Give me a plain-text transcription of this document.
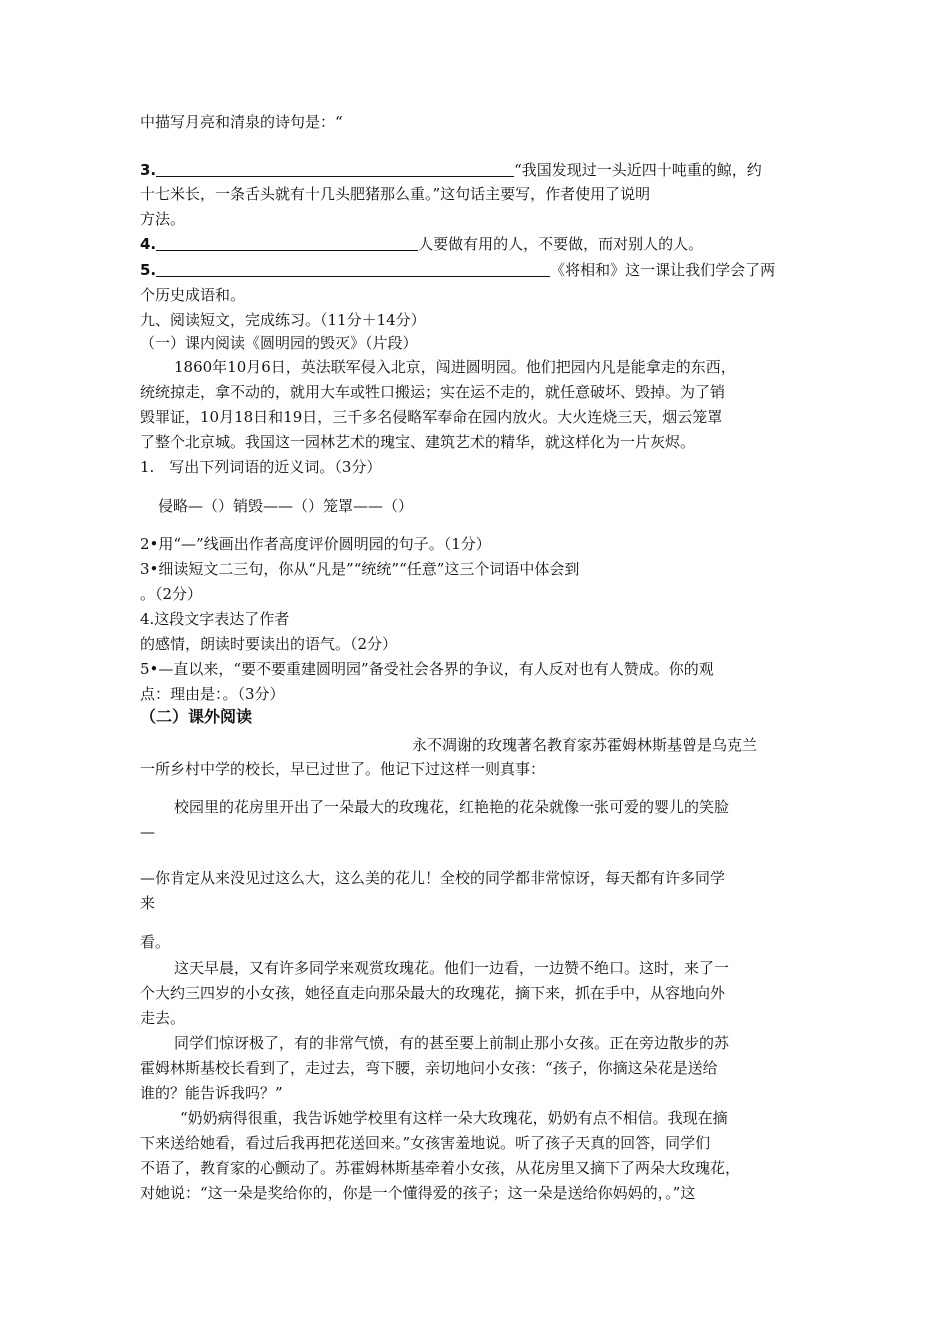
中描写月亮和清泉的诗句是：“
3.	“我国发现过一头近四十吨重的鲸，约
十七米长，一条舌头就有十几头肥猪那么重。”这句话主要写，作者使用了说明
方法。
4.	人要做有用的人，不要做，而对别人的人。
5.	《将相和》这一课让我们学会了两
个历史成语和。
九、阅读短文，完成练习。（11分＋14分）
（一）课内阅读《圆明园的毁灭》（片段）
1860年10月6日，英法联军侵入北京，闯进圆明园。他们把园内凡是能拿走的东西，
统统掠走，拿不动的，就用大车或牲口搬运；实在运不走的，就任意破坏、毁掉。为了销
毁罪证，10月18日和19日，三千多名侵略军奉命在园内放火。大火连烧三天，烟云笼罩
了整个北京城。我国这一园林艺术的瑰宝、建筑艺术的精华，就这样化为一片灰烬。
1.　写出下列词语的近义词。（3分）
侵略—（）销毁——（）笼罩——（）
2•用“—”线画出作者高度评价圆明园的句子。（1分）
3•细读短文二三句，你从“凡是”“统统”“任意”这三个词语中体会到
。（2分）
4.这段文字表达了作者
的感情，朗读时要读出的语气。（2分）
5•—直以来，“要不要重建圆明园”备受社会各界的争议，有人反对也有人赞成。你的观
点：理由是：。（3分）
（二）课外阅读
永不凋谢的玫瑰著名教育家苏霍姆林斯基曾是乌克兰
一所乡村中学的校长，早已过世了。他记下过这样一则真事：
校园里的花房里开出了一朵最大的玫瑰花，红艳艳的花朵就像一张可爱的婴儿的笑脸
—
—你肯定从来没见过这么大，这么美的花儿！全校的同学都非常惊讶，每天都有许多同学
来
看。
这天早晨，又有许多同学来观赏玫瑰花。他们一边看，一边赞不绝口。这时，来了一
个大约三四岁的小女孩，她径直走向那朵最大的玫瑰花，摘下来，抓在手中，从容地向外
走去。
同学们惊讶极了，有的非常气愤，有的甚至要上前制止那小女孩。正在旁边散步的苏
霍姆林斯基校长看到了，走过去，弯下腰，亲切地问小女孩：“孩子，你摘这朵花是送给
谁的？能告诉我吗？”
“奶奶病得很重，我告诉她学校里有这样一朵大玫瑰花，奶奶有点不相信。我现在摘
下来送给她看，看过后我再把花送回来。”女孩害羞地说。听了孩子天真的回答，同学们
不语了，教育家的心颤动了。苏霍姆林斯基牵着小女孩，从花房里又摘下了两朵大玫瑰花，
对她说：“这一朵是奖给你的，你是一个懂得爱的孩子；这一朵是送给你妈妈的，。”这
